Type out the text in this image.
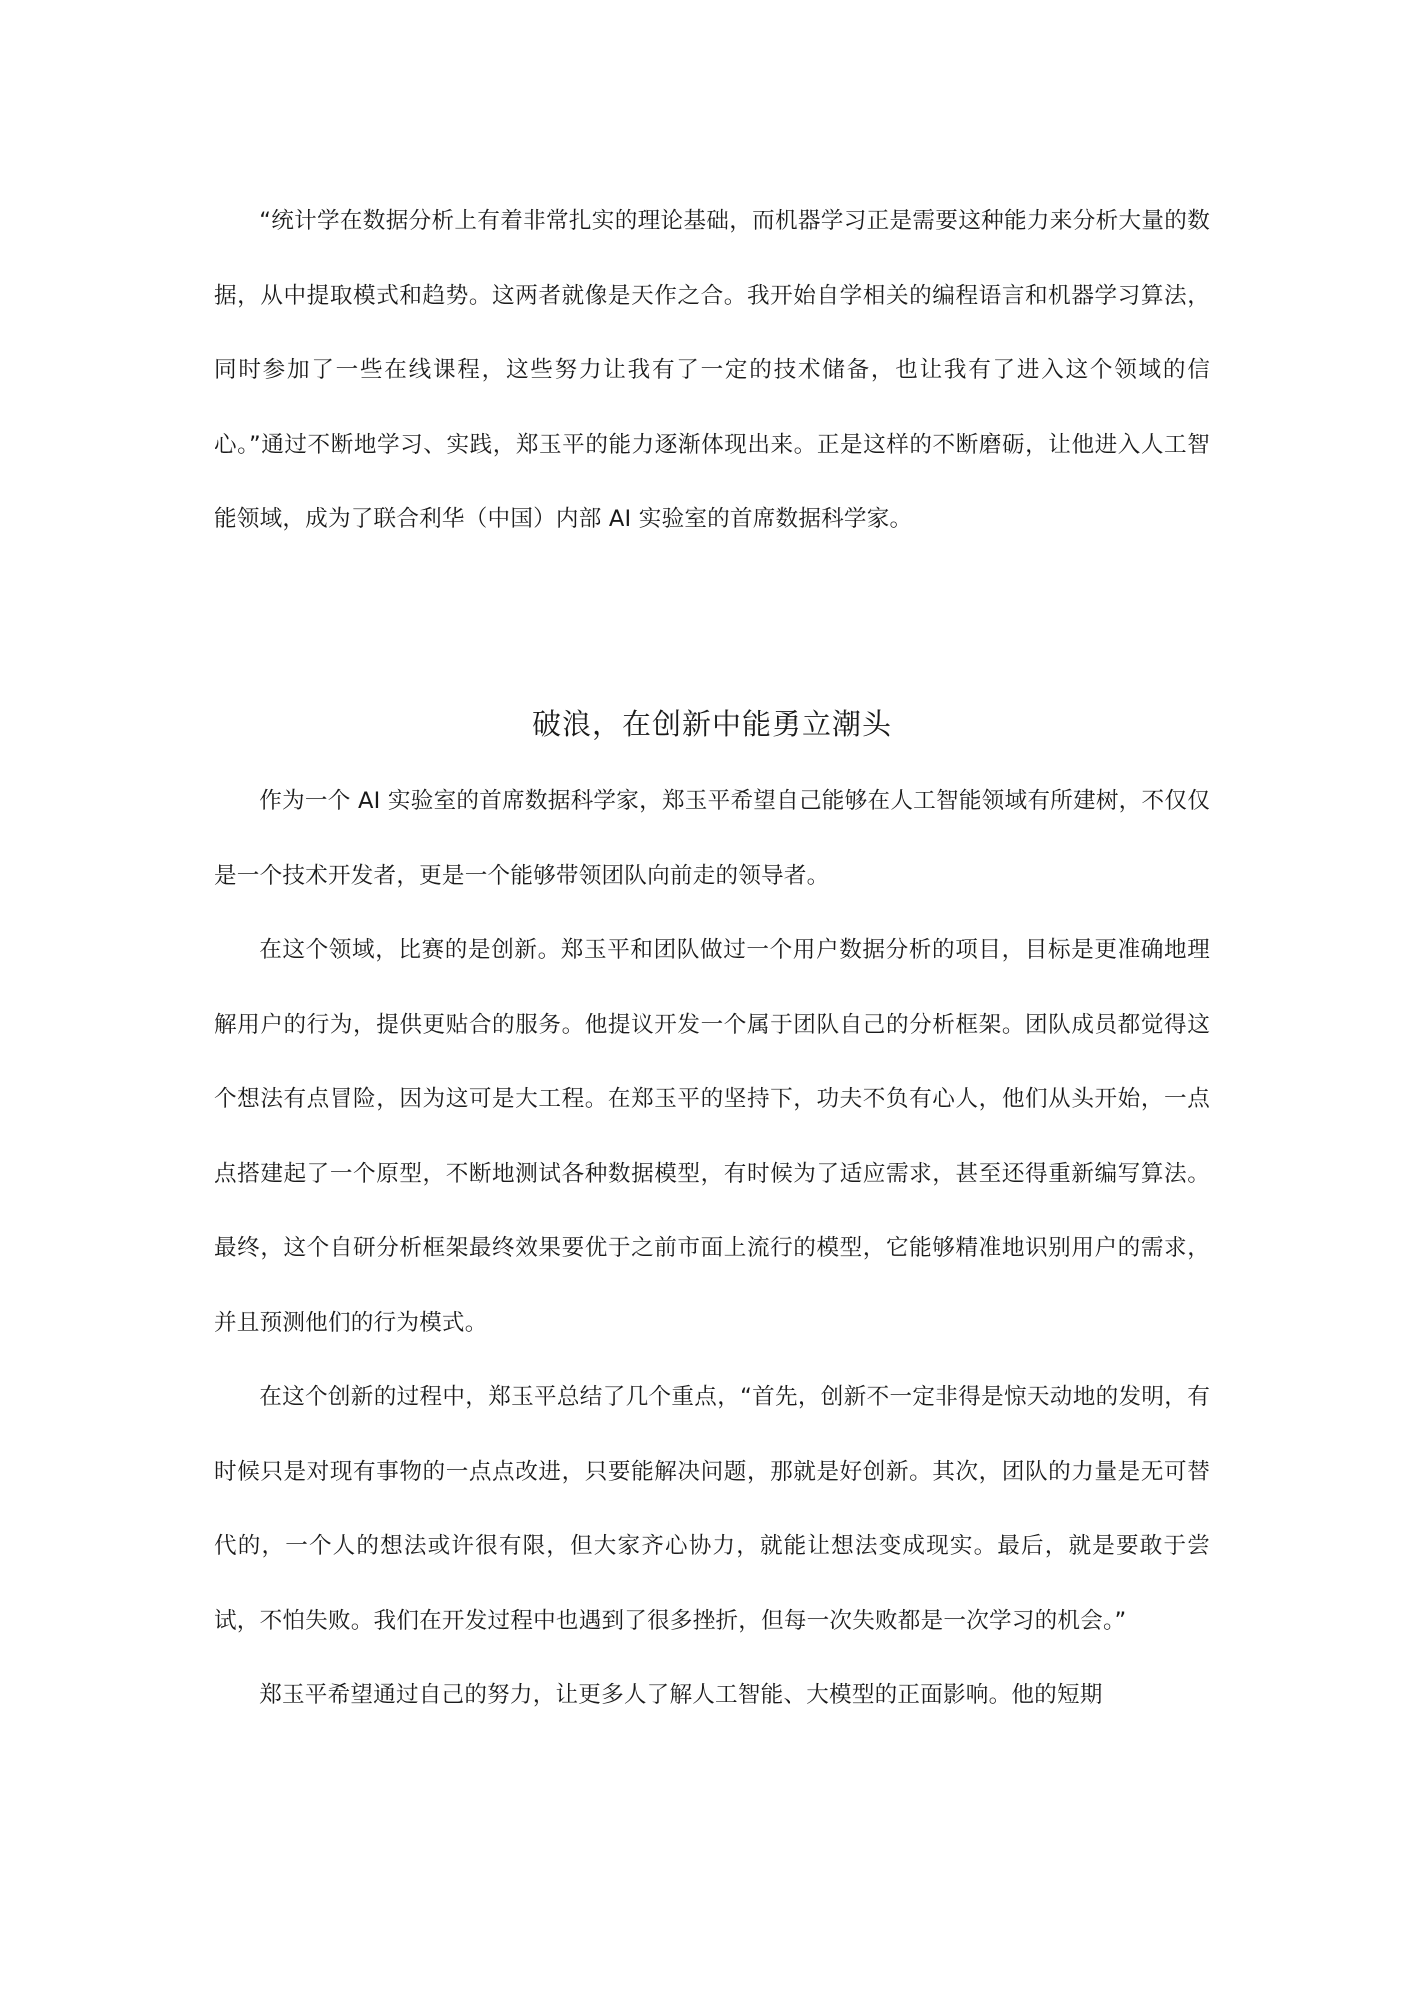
“统计学在数据分析上有着非常扎实的理论基础，而机器学习正是需要这种能力来分析大量的数据，从中提取模式和趋势。这两者就像是天作之合。我开始自学相关的编程语言和机器学习算法，同时参加了一些在线课程，这些努力让我有了一定的技术储备，也让我有了进入这个领域的信心。”通过不断地学习、实践，郑玉平的能力逐渐体现出来。正是这样的不断磨砺，让他进入人工智能领域，成为了联合利华（中国）内部 AI 实验室的首席数据科学家。

破浪，在创新中能勇立潮头

作为一个 AI 实验室的首席数据科学家，郑玉平希望自己能够在人工智能领域有所建树，不仅仅是一个技术开发者，更是一个能够带领团队向前走的领导者。

在这个领域，比赛的是创新。郑玉平和团队做过一个用户数据分析的项目，目标是更准确地理解用户的行为，提供更贴合的服务。他提议开发一个属于团队自己的分析框架。团队成员都觉得这个想法有点冒险，因为这可是大工程。在郑玉平的坚持下，功夫不负有心人，他们从头开始，一点点搭建起了一个原型，不断地测试各种数据模型，有时候为了适应需求，甚至还得重新编写算法。最终，这个自研分析框架最终效果要优于之前市面上流行的模型，它能够精准地识别用户的需求，并且预测他们的行为模式。

在这个创新的过程中，郑玉平总结了几个重点，“首先，创新不一定非得是惊天动地的发明，有时候只是对现有事物的一点点改进，只要能解决问题，那就是好创新。其次，团队的力量是无可替代的，一个人的想法或许很有限，但大家齐心协力，就能让想法变成现实。最后，就是要敢于尝试，不怕失败。我们在开发过程中也遇到了很多挫折，但每一次失败都是一次学习的机会。”

郑玉平希望通过自己的努力，让更多人了解人工智能、大模型的正面影响。他的短期
